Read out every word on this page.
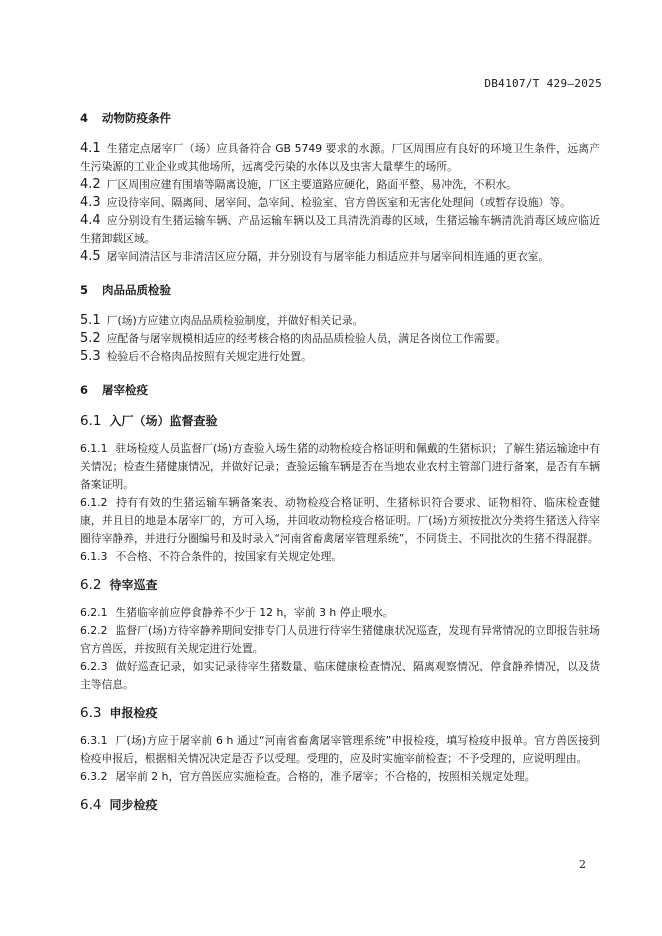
DB4107/T 429—2025
4 动物防疫条件

4.1 生猪定点屠宰厂（场）应具备符合 GB 5749 要求的水源。厂区周围应有良好的环境卫生条件，远离产生污染源的工业企业或其他场所，远离受污染的水体以及虫害大量孳生的场所。

4.2 厂区周围应建有围墙等隔离设施，厂区主要道路应硬化，路面平整、易冲洗，不积水。

4.3 应设待宰间、隔离间、屠宰间、急宰间、检验室、官方兽医室和无害化处理间（或暂存设施）等。

4.4 应分别设有生猪运输车辆、产品运输车辆以及工具清洗消毒的区域，生猪运输车辆清洗消毒区域应临近生猪卸载区域。

4.5 屠宰间清洁区与非清洁区应分隔，并分别设有与屠宰能力相适应并与屠宰间相连通的更衣室。

5 肉品品质检验

5.1 厂(场)方应建立肉品品质检验制度，并做好相关记录。

5.2 应配备与屠宰规模相适应的经考核合格的肉品品质检验人员，满足各岗位工作需要。

5.3 检验后不合格肉品按照有关规定进行处置。

6 屠宰检疫
6.1 入厂（场）监督查验

6.1.1 驻场检疫人员监督厂(场)方查验入场生猪的动物检疫合格证明和佩戴的生猪标识；了解生猪运输途中有关情况；检查生猪健康情况，并做好记录；查验运输车辆是否在当地农业农村主管部门进行备案，是否有车辆备案证明。

6.1.2 持有有效的生猪运输车辆备案表、动物检疫合格证明、生猪标识符合要求、证物相符、临床检查健康，并且目的地是本屠宰厂的，方可入场，并回收动物检疫合格证明。厂(场)方须按批次分类将生猪送入待宰圈待宰静养，并进行分圈编号和及时录入“河南省畜禽屠宰管理系统”，不同货主、不同批次的生猪不得混群。

6.1.3 不合格、不符合条件的，按国家有关规定处理。

6.2 待宰巡查

6.2.1 生猪临宰前应停食静养不少于 12 h，宰前 3 h 停止喂水。

6.2.2 监督厂(场)方待宰静养期间安排专门人员进行待宰生猪健康状况巡查，发现有异常情况的立即报告驻场官方兽医，并按照有关规定进行处置。

6.2.3 做好巡查记录，如实记录待宰生猪数量、临床健康检查情况、隔离观察情况、停食静养情况，以及货主等信息。

6.3 申报检疫

6.3.1 厂(场)方应于屠宰前 6 h 通过“河南省畜禽屠宰管理系统”申报检疫，填写检疫申报单。官方兽医接到检疫申报后，根据相关情况决定是否予以受理。受理的，应及时实施宰前检查；不予受理的，应说明理由。

6.3.2 屠宰前 2 h，官方兽医应实施检查。合格的，准予屠宰；不合格的，按照相关规定处理。

6.4 同步检疫
2
